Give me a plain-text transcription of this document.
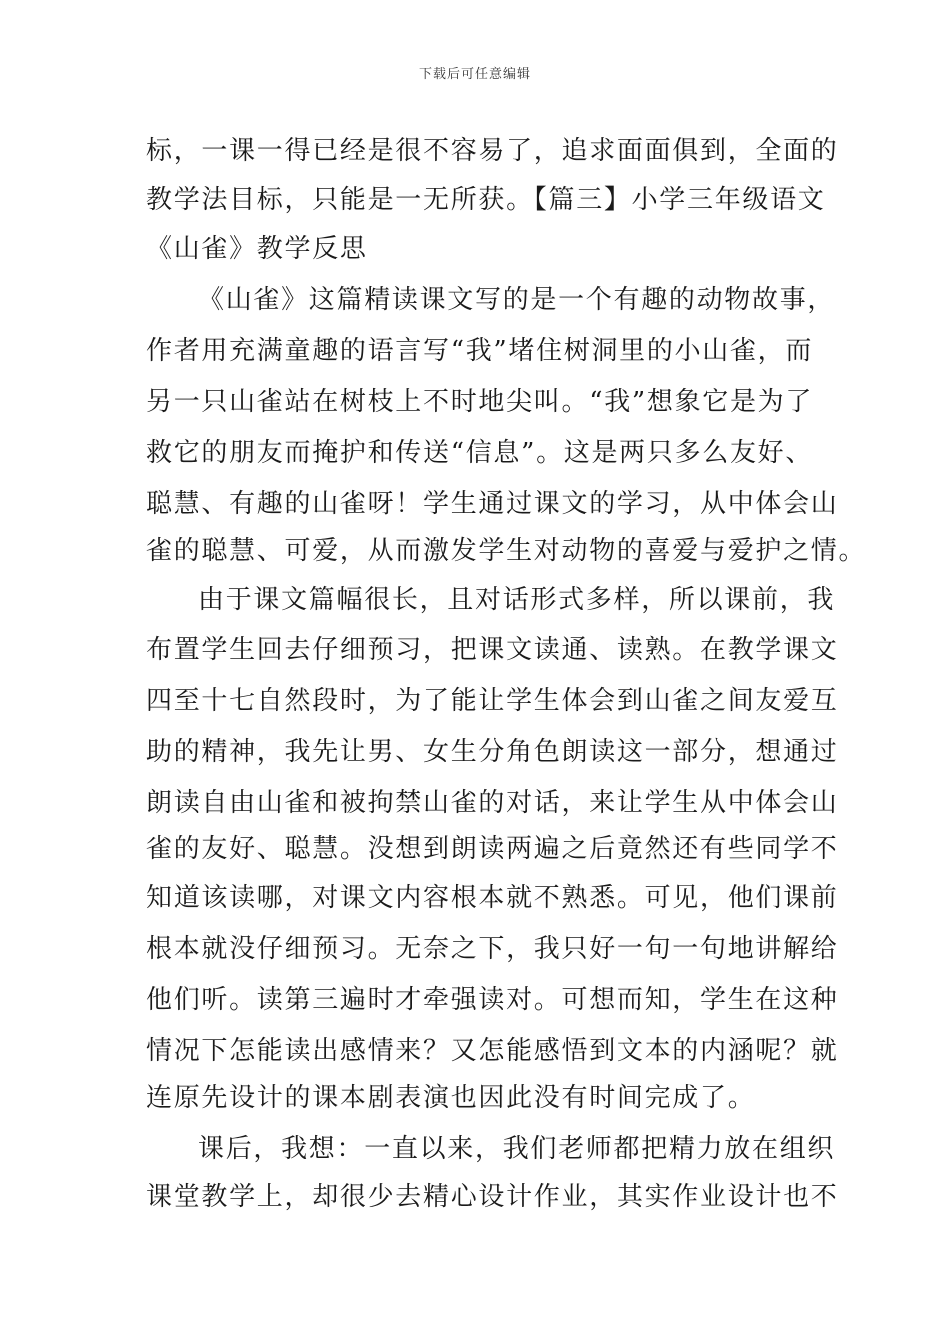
下载后可任意编辑
标，一课一得已经是很不容易了，追求面面俱到，全面的
教学法目标，只能是一无所获。【篇三】小学三年级语文
《山雀》教学反思
《山雀》这篇精读课文写的是一个有趣的动物故事，
作者用充满童趣的语言写“我”堵住树洞里的小山雀，而
另一只山雀站在树枝上不时地尖叫。“我”想象它是为了
救它的朋友而掩护和传送“信息”。这是两只多么友好、
聪慧、有趣的山雀呀！学生通过课文的学习，从中体会山
雀的聪慧、可爱，从而激发学生对动物的喜爱与爱护之情。
由于课文篇幅很长，且对话形式多样，所以课前，我
布置学生回去仔细预习，把课文读通、读熟。在教学课文
四至十七自然段时，为了能让学生体会到山雀之间友爱互
助的精神，我先让男、女生分角色朗读这一部分，想通过
朗读自由山雀和被拘禁山雀的对话，来让学生从中体会山
雀的友好、聪慧。没想到朗读两遍之后竟然还有些同学不
知道该读哪，对课文内容根本就不熟悉。可见，他们课前
根本就没仔细预习。无奈之下，我只好一句一句地讲解给
他们听。读第三遍时才牵强读对。可想而知，学生在这种
情况下怎能读出感情来？又怎能感悟到文本的内涵呢？就
连原先设计的课本剧表演也因此没有时间完成了。
课后，我想：一直以来，我们老师都把精力放在组织
课堂教学上，却很少去精心设计作业，其实作业设计也不
